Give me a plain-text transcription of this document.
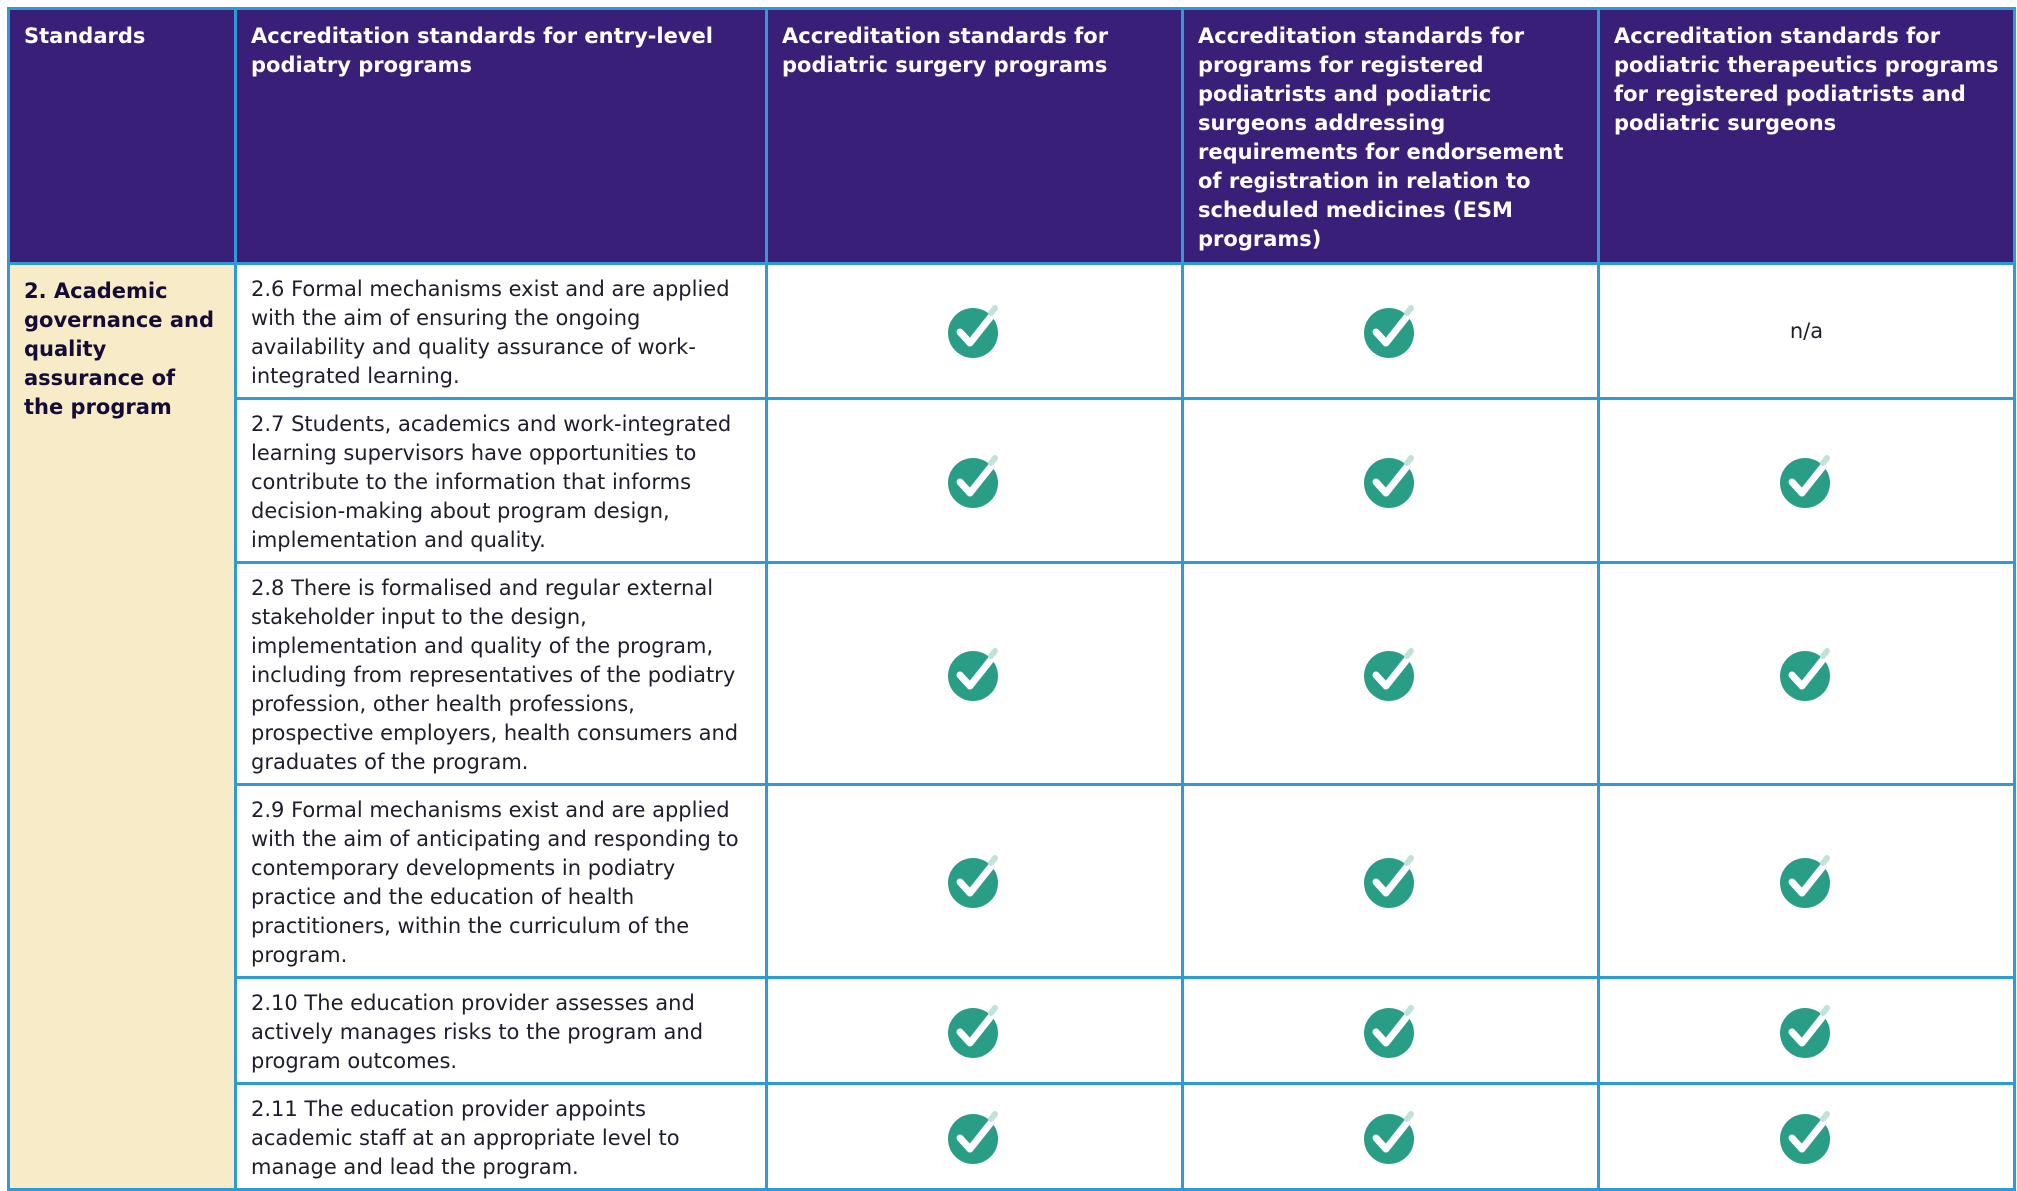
Standards	Accreditation standards for entry-level podiatry programs	Accreditation standards for podiatric surgery programs	Accreditation standards for programs for registered podiatrists and podiatric surgeons addressing requirements for endorsement of registration in relation to scheduled medicines (ESM programs)	Accreditation standards for podiatric therapeutics programs for registered podiatrists and podiatric surgeons
2. Academic governance and quality assurance of the program	2.6 Formal mechanisms exist and are applied with the aim of ensuring the ongoing availability and quality assurance of work-integrated learning.			n/a
	2.7 Students, academics and work-integrated learning supervisors have opportunities to contribute to the information that informs decision-making about program design, implementation and quality.	

	2.8 There is formalised and regular external stakeholder input to the design, implementation and quality of the program, including from representatives of the podiatry profession, other health professions, prospective employers, health consumers and graduates of the program.	

	2.9 Formal mechanisms exist and are applied with the aim of anticipating and responding to contemporary developments in podiatry practice and the education of health practitioners, within the curriculum of the program.	

	2.10 The education provider assesses and actively manages risks to the program and program outcomes.	

	2.11 The education provider appoints academic staff at an appropriate level to manage and lead the program.	
